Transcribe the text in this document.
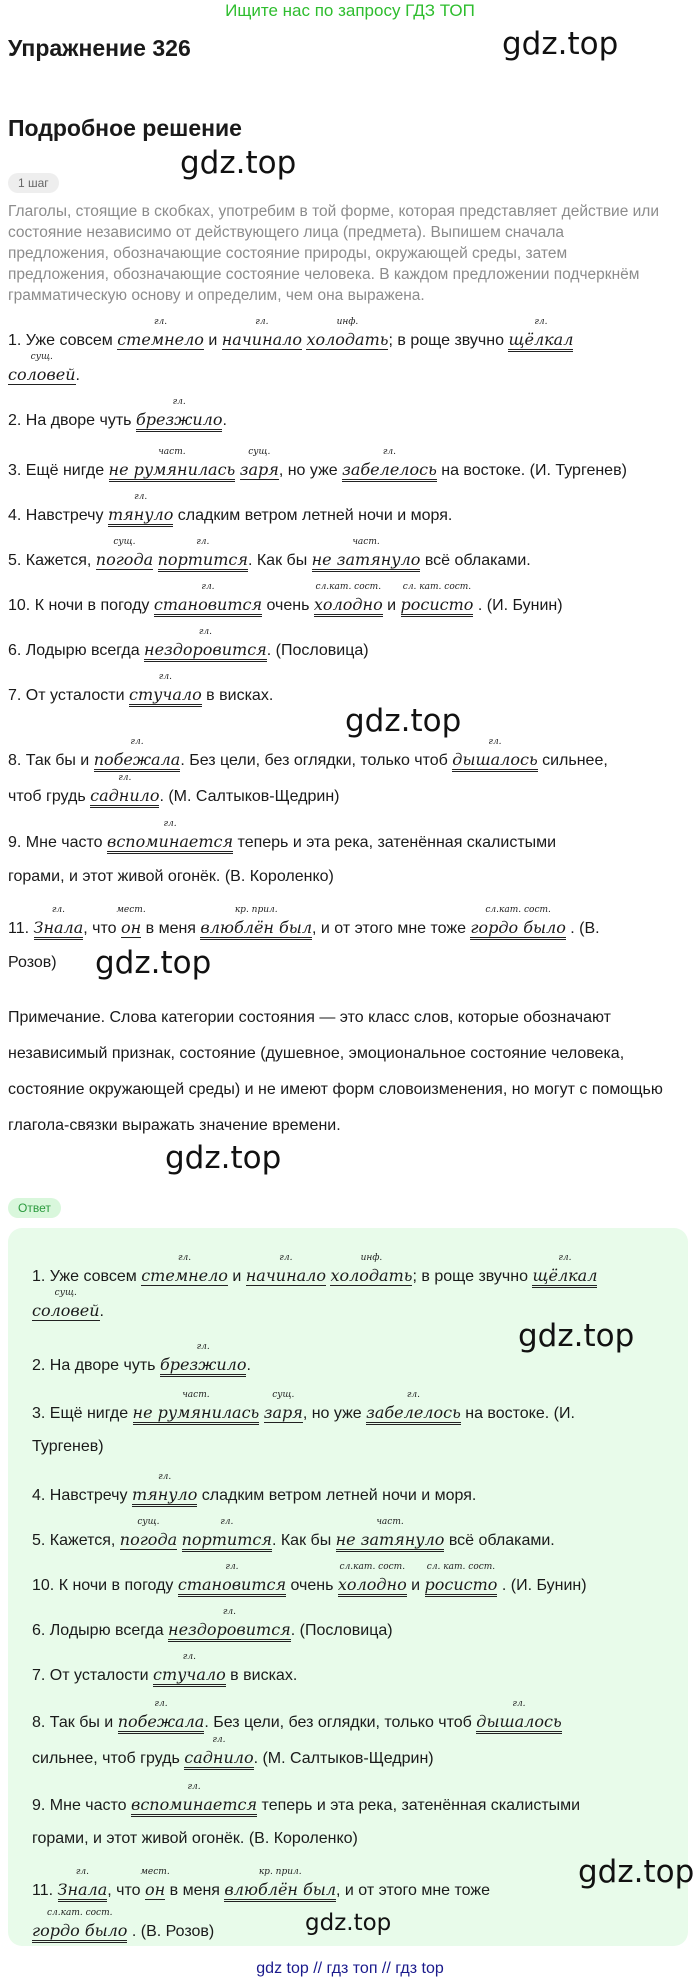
Ищите нас по запросу ГДЗ ТОП
Упражнение 326	gdz.top
Подробное решение
1 шаг
gdz.top
Глаголы, стоящие в скобках, употребим в той форме, которая представляет действие или состояние независимо от действующего лица (предмета). Выпишем сначала предложения, обозначающие состояние природы, окружающей среды, затем предложения, обозначающие состояние человека. В каждом предложении подчеркнём грамматическую основу и определим, чем она выражена.
1. Уже совсем
гл.
стемнело и
гл.
начинало
инф.
холодать; в роще звучно
гл.
щёлкал
сущ.
соловей.
2. На дворе чуть
гл.
брезжило.
3. Ещё нигде
част.
не румянилась
сущ.
заря, но уже
гл.
забелелось на востоке. (И. Тургенев)
4. Навстречу
гл.
тянуло сладким ветром летней ночи и моря.
5. Кажется,
сущ.
погода
гл.
портится. Как бы
част.
не затянуло всё облаками.
10. К ночи в погоду
гл.
становится очень
сл.кат. сост.
холодно и
сл. кат. сост.
росисто . (И. Бунин)
6. Лодырю всегда
гл.
нездоровится. (Пословица)
7. От усталости
гл.
стучало в висках.
gdz.top
8. Так бы и
гл.
побежала. Без цели, без оглядки, только чтоб
гл.
дышалось сильнее,
чтоб грудь
гл.
саднило. (М. Салтыков-Щедрин)
9. Мне часто
гл.
вспоминается теперь и эта река, затенённая скалистыми
горами, и этот живой огонёк. (В. Короленко)
11.
гл.
Знала, что
мест.
он в меня
кр. прил.
влюблён был, и от этого мне тоже
сл.кат. сост.
гордо было . (В.
Розов) gdz.top
Примечание. Слова категории состояния — это класс слов, которые обозначают независимый признак, состояние (душевное, эмоциональное состояние человека, состояние окружающей среды) и не имеют форм словоизменения, но могут с помощью глагола-связки выражать значение времени.
gdz.top
Ответ
1. Уже совсем
гл.
стемнело и
гл.
начинало
инф.
холодать; в роще звучно
гл.
щёлкал
сущ.
соловей.
gdz.top
2. На дворе чуть
гл.
брезжило.
3. Ещё нигде
част.
не румянилась
сущ.
заря, но уже
гл.
забелелось на востоке. (И.
Тургенев)
4. Навстречу
гл.
тянуло сладким ветром летней ночи и моря.
5. Кажется,
сущ.
погода
гл.
портится. Как бы
част.
не затянуло всё облаками.
10. К ночи в погоду
гл.
становится очень
сл.кат. сост.
холодно и
сл. кат. сост.
росисто . (И. Бунин)
6. Лодырю всегда
гл.
нездоровится. (Пословица)
7. От усталости
гл.
стучало в висках.
8. Так бы и
гл.
побежала. Без цели, без оглядки, только чтоб
гл.
дышалось
сильнее, чтоб грудь
гл.
саднило. (М. Салтыков-Щедрин)
9. Мне часто
гл.
вспоминается теперь и эта река, затенённая скалистыми
горами, и этот живой огонёк. (В. Короленко)
gdz.top
11.
гл.
Знала, что
мест.
он в меня
кр. прил.
влюблён был, и от этого мне тоже
сл.кат. сост.
гордо было . (В. Розов)	gdz.top
gdz top // гдз топ // гдз top
